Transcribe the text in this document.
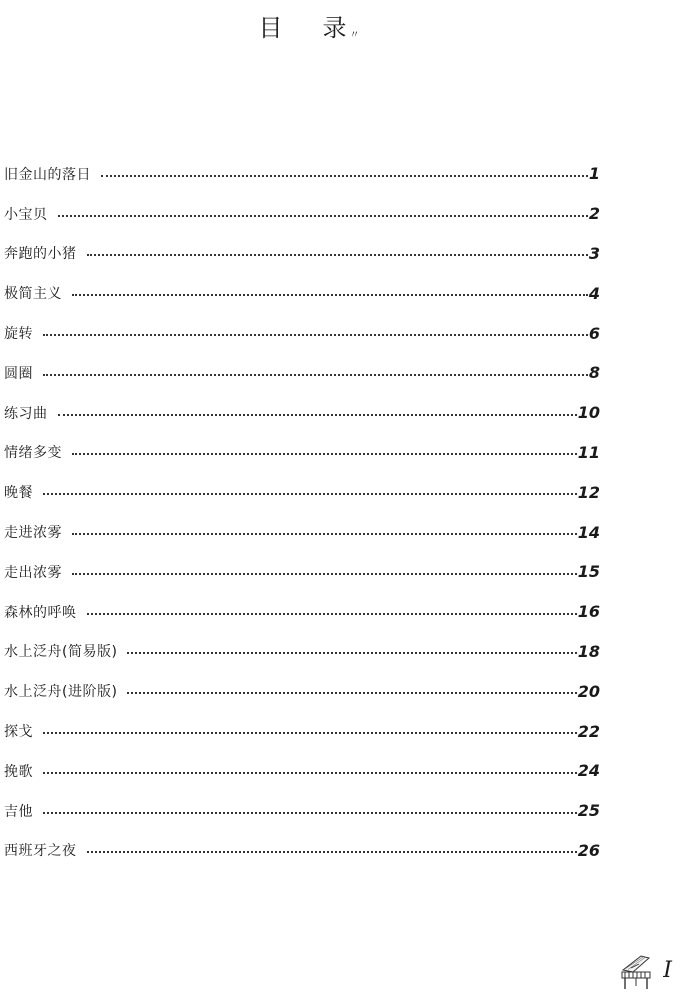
目 录〃
旧金山的落日	1
小宝贝	2
奔跑的小猪	3
极简主义	4
旋转	6
圆圈	8
练习曲	10
情绪多变	11
晚餐	12
走进浓雾	14
走出浓雾	15
森林的呼唤	16
水上泛舟(简易版)	18
水上泛舟(进阶版)	20
探戈	22
挽歌	24
吉他	25
西班牙之夜	26
I
